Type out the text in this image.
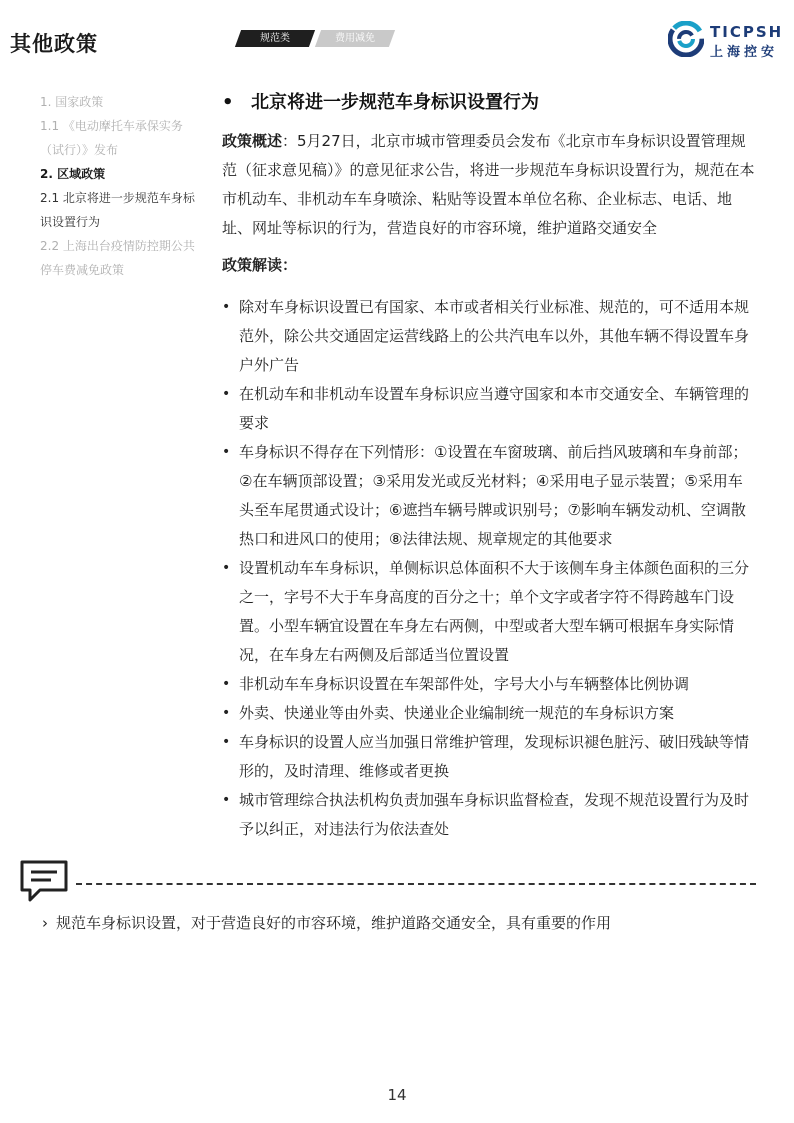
其他政策	规范类	费用减免	TICPSH
上海控安
1. 国家政策
1.1 《电动摩托车承保实务（试行）》发布
2. 区域政策
2.1 北京将进一步规范车身标识设置行为
2.2 上海出台疫情防控期公共停车费减免政策
• 北京将进一步规范车身标识设置行为
政策概述：5月27日，北京市城市管理委员会发布《北京市车身标识设置管理规范（征求意见稿）》的意见征求公告，将进一步规范车身标识设置行为，规范在本市机动车、非机动车车身喷涂、粘贴等设置本单位名称、企业标志、电话、地址、网址等标识的行为，营造良好的市容环境，维护道路交通安全
政策解读：
• 除对车身标识设置已有国家、本市或者相关行业标准、规范的，可不适用本规范外，除公共交通固定运营线路上的公共汽电车以外，其他车辆不得设置车身户外广告
• 在机动车和非机动车设置车身标识应当遵守国家和本市交通安全、车辆管理的要求
• 车身标识不得存在下列情形：①设置在车窗玻璃、前后挡风玻璃和车身前部；②在车辆顶部设置；③采用发光或反光材料；④采用电子显示装置；⑤采用车头至车尾贯通式设计；⑥遮挡车辆号牌或识别号；⑦影响车辆发动机、空调散热口和进风口的使用；⑧法律法规、规章规定的其他要求
• 设置机动车车身标识，单侧标识总体面积不大于该侧车身主体颜色面积的三分之一，字号不大于车身高度的百分之十；单个文字或者字符不得跨越车门设置。小型车辆宜设置在车身左右两侧，中型或者大型车辆可根据车身实际情况，在车身左右两侧及后部适当位置设置
• 非机动车车身标识设置在车架部件处，字号大小与车辆整体比例协调
• 外卖、快递业等由外卖、快递业企业编制统一规范的车身标识方案
• 车身标识的设置人应当加强日常维护管理，发现标识褪色脏污、破旧残缺等情形的，及时清理、维修或者更换
• 城市管理综合执法机构负责加强车身标识监督检查，发现不规范设置行为及时予以纠正，对违法行为依法查处
› 规范车身标识设置，对于营造良好的市容环境，维护道路交通安全，具有重要的作用
14
